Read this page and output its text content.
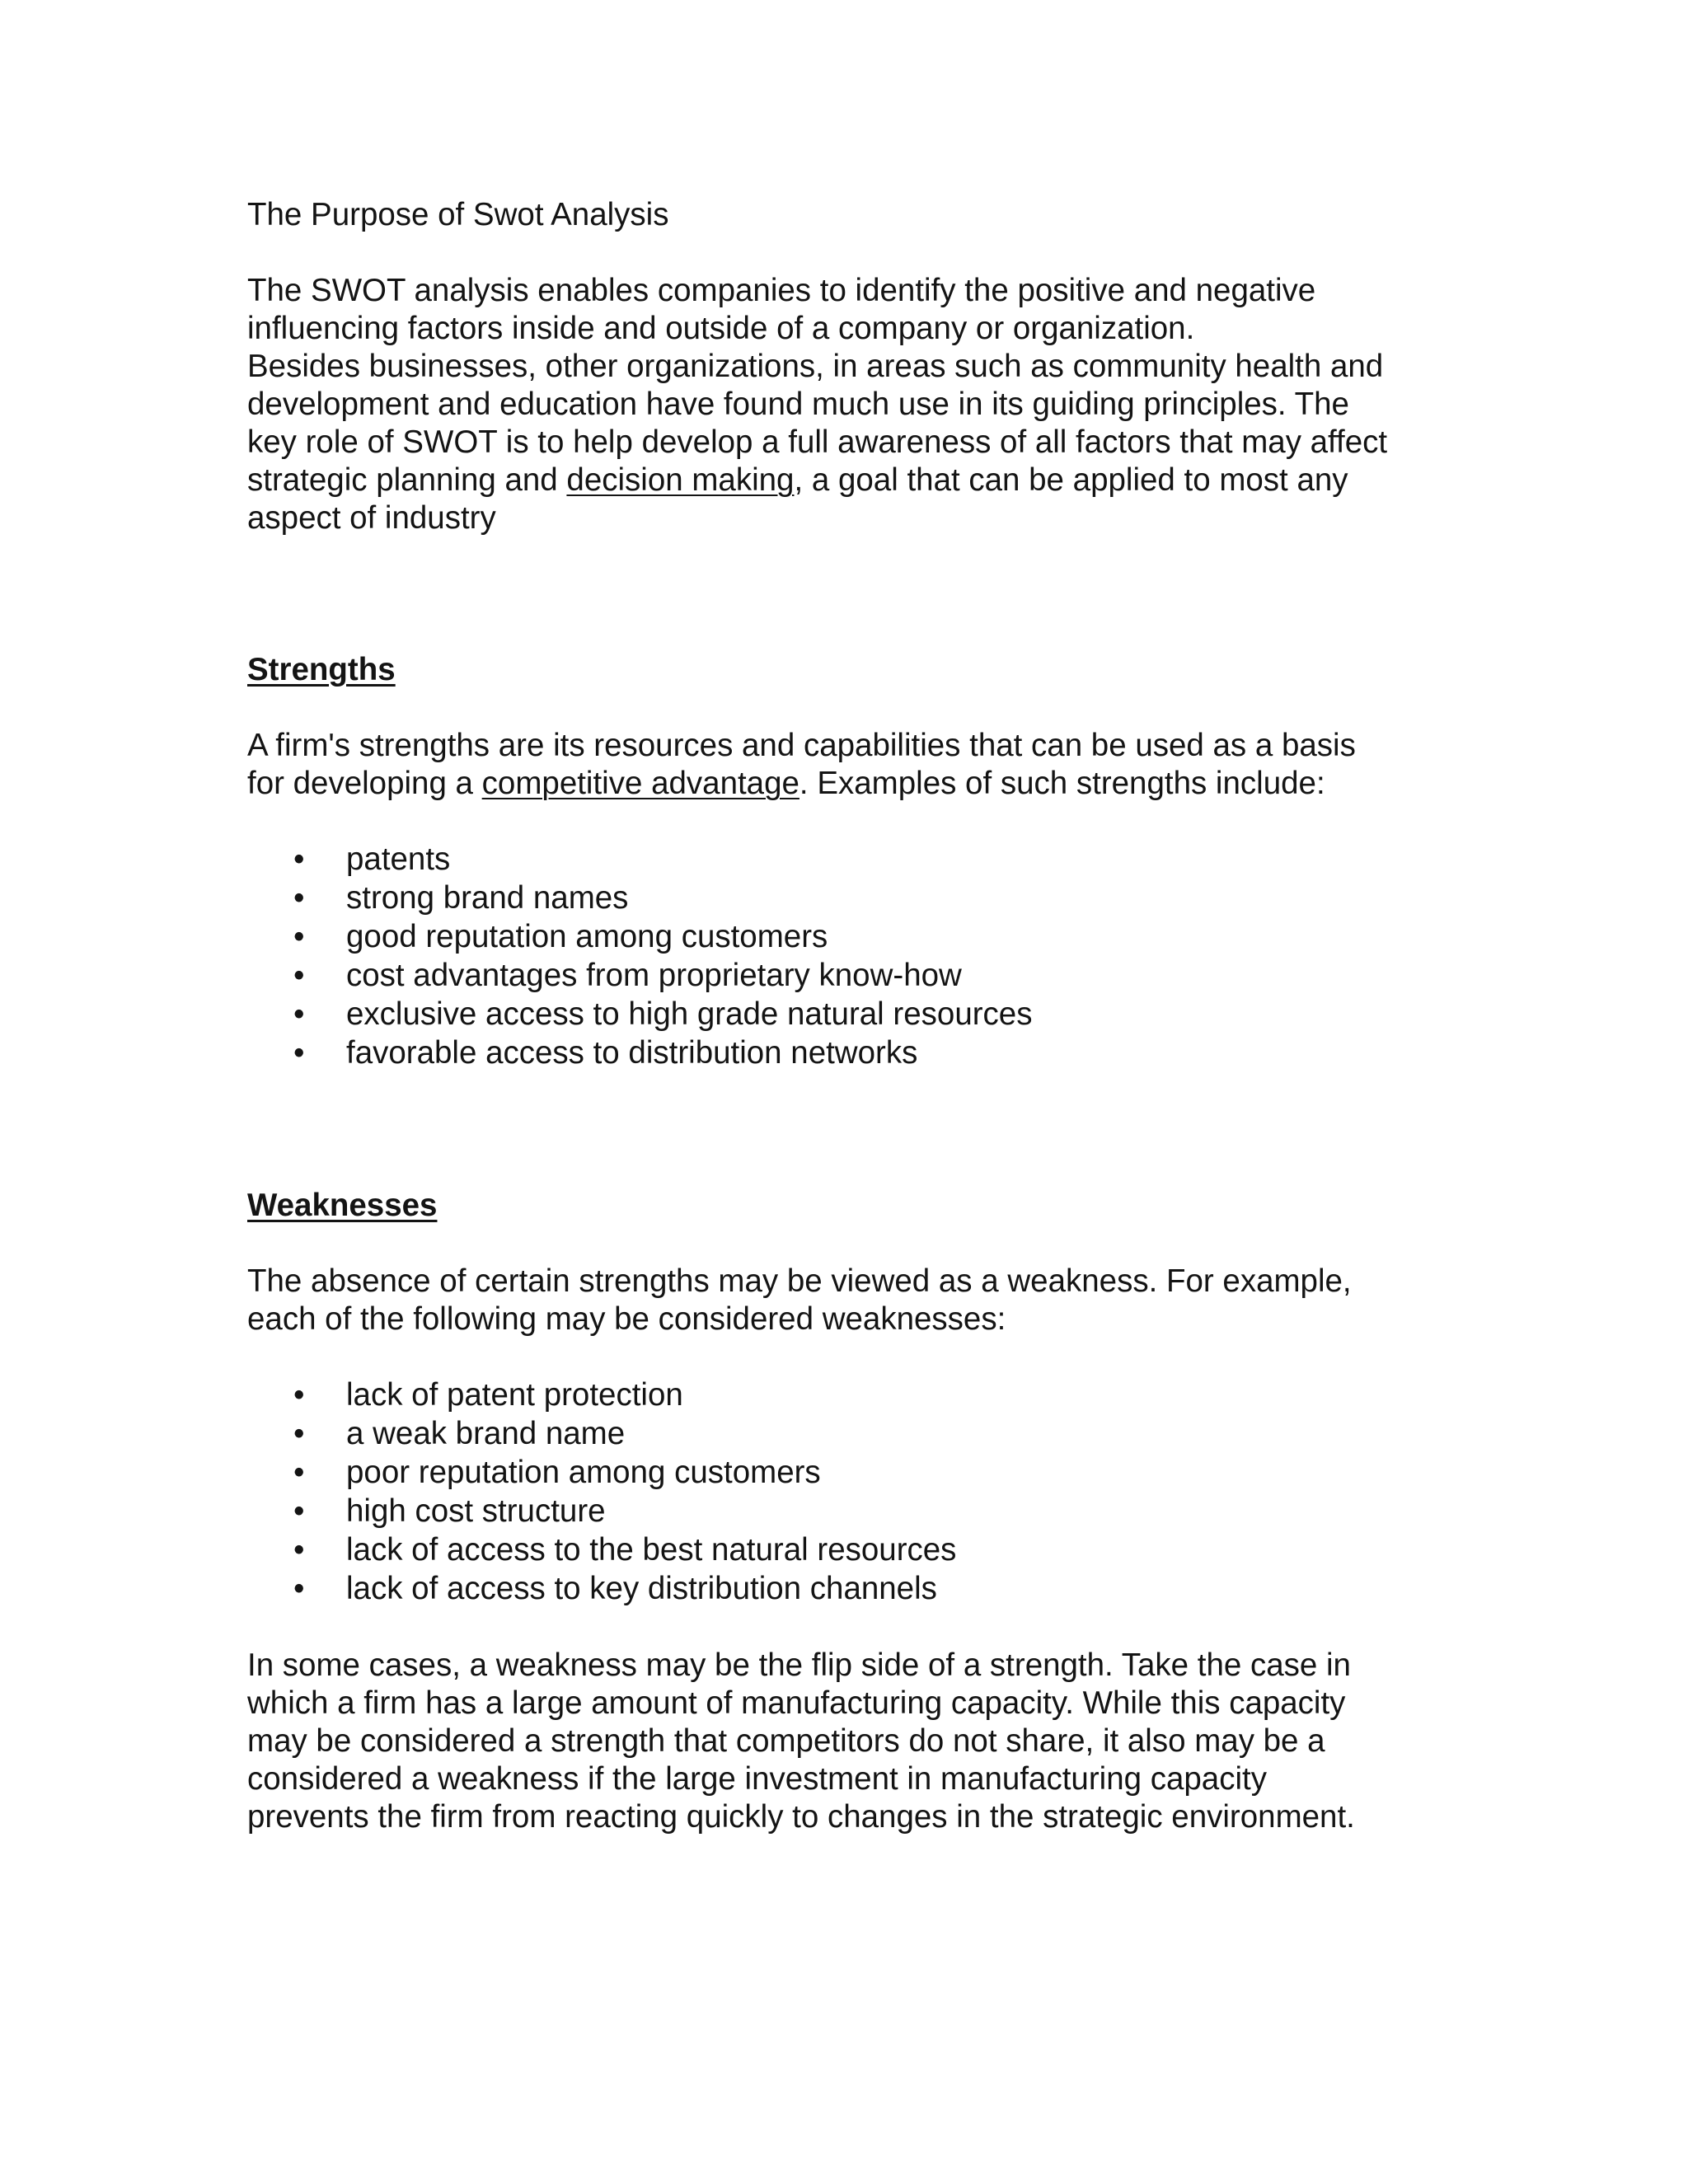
The Purpose of Swot Analysis

The SWOT analysis enables companies to identify the positive and negative

influencing factors inside and outside of a company or organization.

Besides businesses, other organizations, in areas such as community health and

development and education have found much use in its guiding principles. The

key role of SWOT is to help develop a full awareness of all factors that may affect

strategic planning and decision making, a goal that can be applied to most any

aspect of industry

Strengths

A firm's strengths are its resources and capabilities that can be used as a basis

for developing a competitive advantage. Examples of such strengths include:

• patents
• strong brand names
• good reputation among customers
• cost advantages from proprietary know-how
• exclusive access to high grade natural resources
• favorable access to distribution networks

Weaknesses

The absence of certain strengths may be viewed as a weakness. For example,

each of the following may be considered weaknesses:

• lack of patent protection
• a weak brand name
• poor reputation among customers
• high cost structure
• lack of access to the best natural resources
• lack of access to key distribution channels

In some cases, a weakness may be the flip side of a strength. Take the case in

which a firm has a large amount of manufacturing capacity. While this capacity

may be considered a strength that competitors do not share, it also may be a

considered a weakness if the large investment in manufacturing capacity

prevents the firm from reacting quickly to changes in the strategic environment.
